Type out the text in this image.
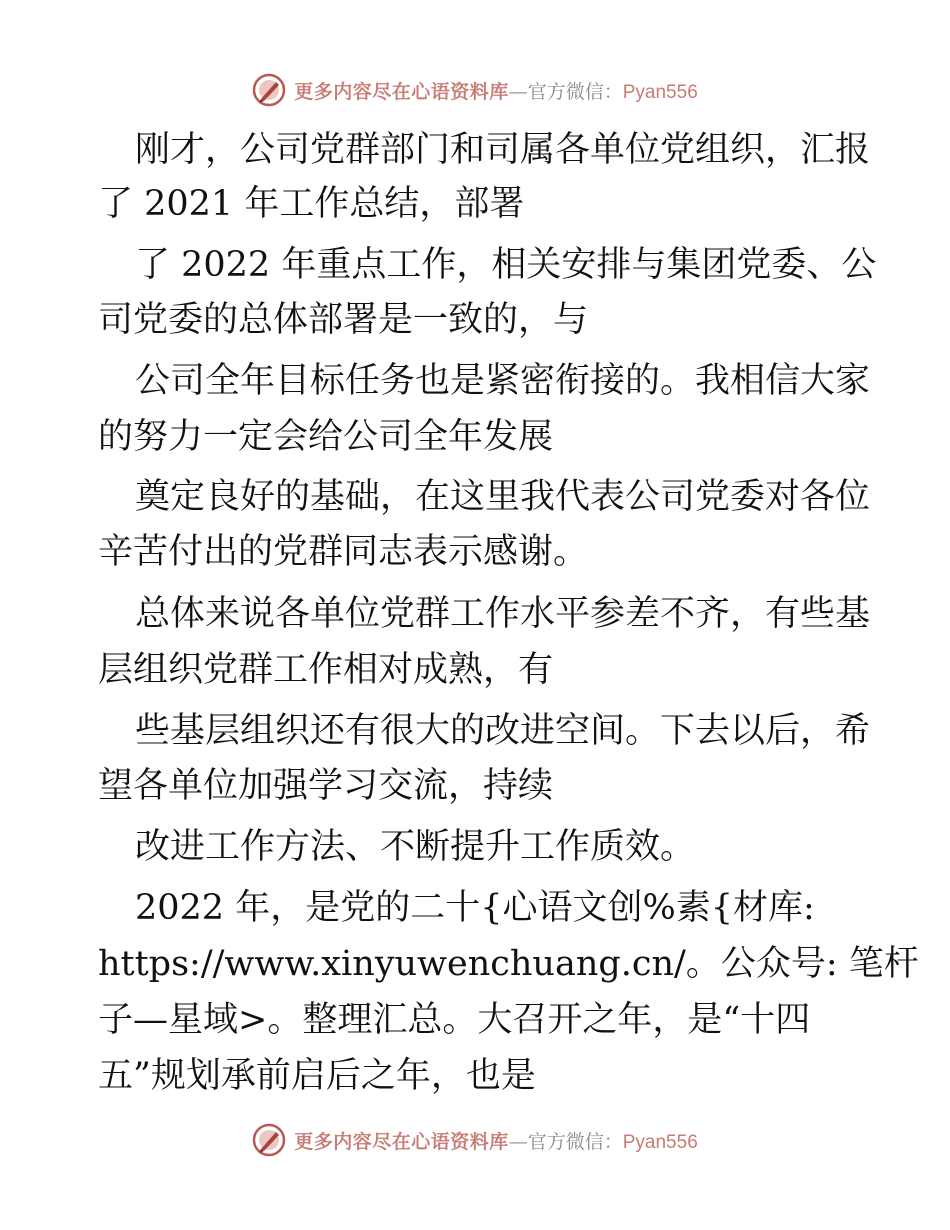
更多内容尽在心语资料库 — 官方微信： Pyan556
刚才，公司党群部门和司属各单位党组织，汇报
了 2021 年工作总结，部署
了 2022 年重点工作，相关安排与集团党委、公
司党委的总体部署是一致的，与
公司全年目标任务也是紧密衔接的。我相信大家
的努力一定会给公司全年发展
奠定良好的基础，在这里我代表公司党委对各位
辛苦付出的党群同志表示感谢。
总体来说各单位党群工作水平参差不齐，有些基
层组织党群工作相对成熟，有
些基层组织还有很大的改进空间。下去以后，希
望各单位加强学习交流，持续
改进工作方法、不断提升工作质效。
2022 年，是党的二十{心语文创%素{材库:
https://www.xinyuwenchuang.cn/。公众号: 笔杆
子—星域>。整理汇总。大召开之年，是“十四
五”规划承前启后之年，也是
更多内容尽在心语资料库 — 官方微信： Pyan556
